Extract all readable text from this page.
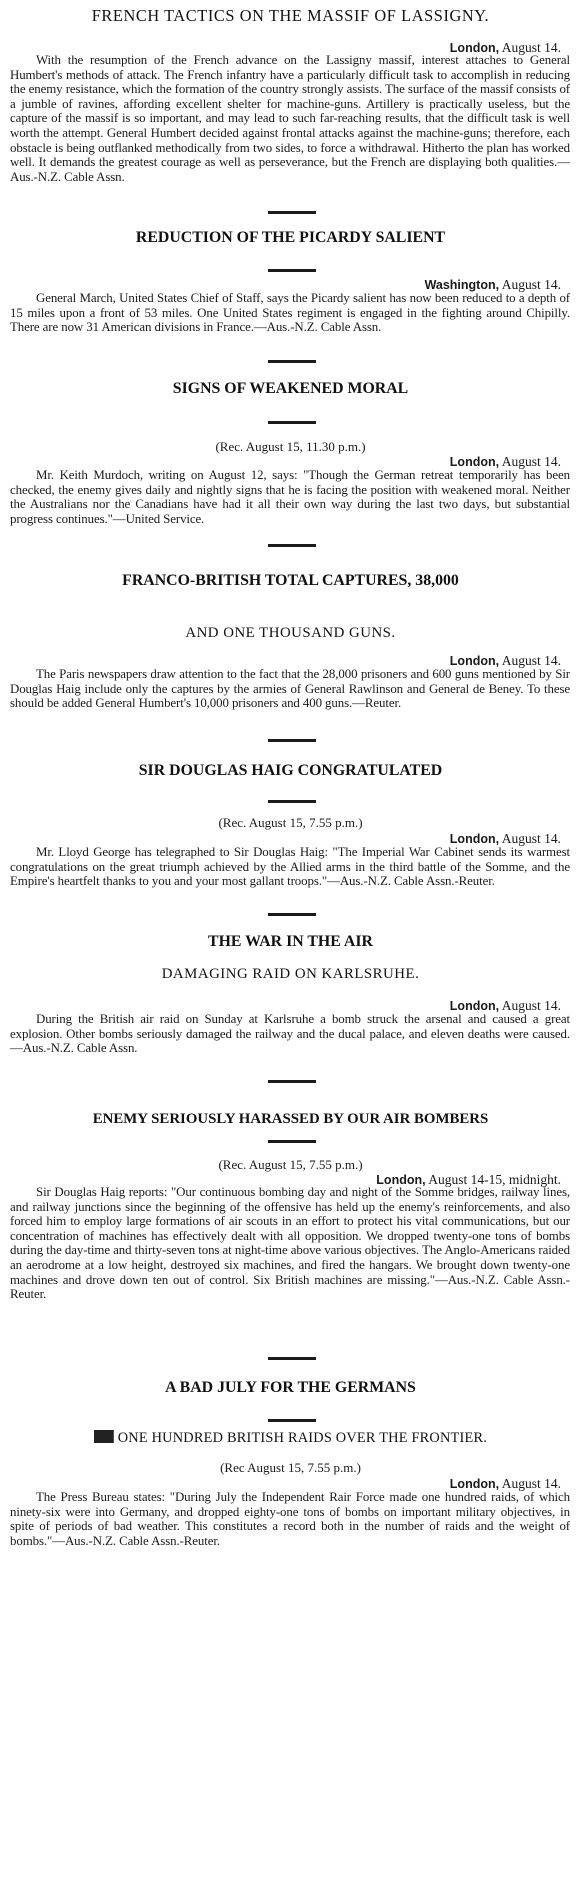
FRENCH TACTICS ON THE MASSIF OF LASSIGNY.
London, August 14.
With the resumption of the French advance on the Lassigny massif, interest attaches to General Humbert's methods of attack. The French infantry have a particularly difficult task to accomplish in reducing the enemy resistance, which the formation of the country strongly assists. The surface of the massif consists of a jumble of ravines, affording excellent shelter for machine-guns. Artillery is practically useless, but the capture of the massif is so important, and may lead to such far-reaching results, that the difficult task is well worth the attempt. General Humbert decided against frontal attacks against the machine-guns; therefore, each obstacle is being outflanked methodically from two sides, to force a withdrawal. Hitherto the plan has worked well. It demands the greatest courage as well as perseverance, but the French are displaying both qualities.—Aus.-N.Z. Cable Assn.
REDUCTION OF THE PICARDY SALIENT
Washington, August 14.
General March, United States Chief of Staff, says the Picardy salient has now been reduced to a depth of 15 miles upon a front of 53 miles. One United States regiment is engaged in the fighting around Chipilly. There are now 31 American divisions in France.—Aus.-N.Z. Cable Assn.
SIGNS OF WEAKENED MORAL
(Rec. August 15, 11.30 p.m.)
London, August 14.
Mr. Keith Murdoch, writing on August 12, says: "Though the German retreat temporarily has been checked, the enemy gives daily and nightly signs that he is facing the position with weakened moral. Neither the Australians nor the Canadians have had it all their own way during the last two days, but substantial progress continues."—United Service.
FRANCO-BRITISH TOTAL CAPTURES, 38,000
AND ONE THOUSAND GUNS.
London, August 14.
The Paris newspapers draw attention to the fact that the 28,000 prisoners and 600 guns mentioned by Sir Douglas Haig include only the captures by the armies of General Rawlinson and General de Beney. To these should be added General Humbert's 10,000 prisoners and 400 guns.—Reuter.
SIR DOUGLAS HAIG CONGRATULATED
(Rec. August 15, 7.55 p.m.)
London, August 14.
Mr. Lloyd George has telegraphed to Sir Douglas Haig: "The Imperial War Cabinet sends its warmest congratulations on the great triumph achieved by the Allied arms in the third battle of the Somme, and the Empire's heartfelt thanks to you and your most gallant troops."—Aus.-N.Z. Cable Assn.-Reuter.
THE WAR IN THE AIR
DAMAGING RAID ON KARLSRUHE.
London, August 14.
During the British air raid on Sunday at Karlsruhe a bomb struck the arsenal and caused a great explosion. Other bombs seriously damaged the railway and the ducal palace, and eleven deaths were caused.—Aus.-N.Z. Cable Assn.
ENEMY SERIOUSLY HARASSED BY OUR AIR BOMBERS
(Rec. August 15, 7.55 p.m.)
London, August 14-15, midnight.
Sir Douglas Haig reports: "Our continuous bombing day and night of the Somme bridges, railway lines, and railway junctions since the beginning of the offensive has held up the enemy's reinforcements, and also forced him to employ large formations of air scouts in an effort to protect his vital communications, but our concentration of machines has effectively dealt with all opposition. We dropped twenty-one tons of bombs during the day-time and thirty-seven tons at night-time above various objectives. The Anglo-Americans raided an aerodrome at a low height, destroyed six machines, and fired the hangars. We brought down twenty-one machines and drove down ten out of control. Six British machines are missing."—Aus.-N.Z. Cable Assn.-Reuter.
A BAD JULY FOR THE GERMANS
ONE HUNDRED BRITISH RAIDS OVER THE FRONTIER.
(Rec August 15, 7.55 p.m.)
London, August 14.
The Press Bureau states: "During July the Independent Rair Force made one hundred raids, of which ninety-six were into Germany, and dropped eighty-one tons of bombs on important military objectives, in spite of periods of bad weather. This constitutes a record both in the number of raids and the weight of bombs."—Aus.-N.Z. Cable Assn.-Reuter.
